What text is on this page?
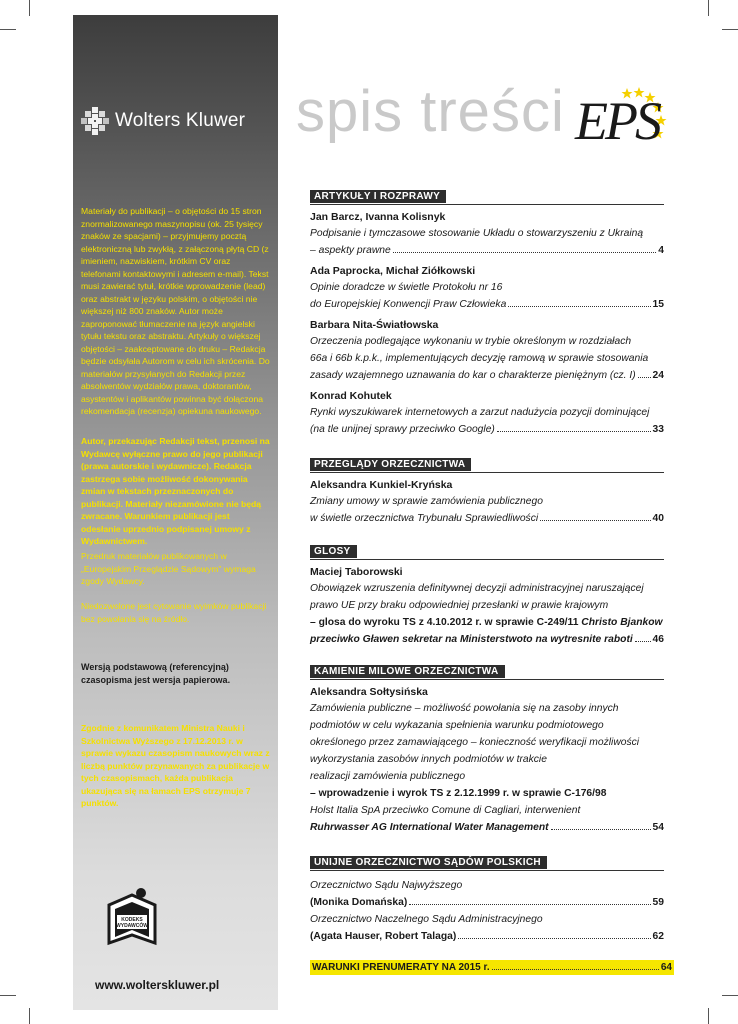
Wolters Kluwer
Materiały do publikacji – o objętości do 15 stron znormalizowanego maszynopisu (ok. 25 tysięcy znaków ze spacjami) – przyjmujemy pocztą elektroniczną lub zwykłą, z załączoną płytą CD (z imieniem, nazwiskiem, krótkim CV oraz telefonami kontaktowymi i adresem e-mail). Tekst musi zawierać tytuł, krótkie wprowadzenie (lead) oraz abstrakt w języku polskim, o objętości nie większej niż 800 znaków. Autor może zaproponować tłumaczenie na język angielski tytułu tekstu oraz abstraktu. Artykuły o większej objętości – zaakceptowane do druku – Redakcja będzie odsyłała Autorom w celu ich skrócenia. Do materiałów przysyłanych do Redakcji przez absolwentów wydziałów prawa, doktorantów, asystentów i aplikantów powinna być dołączona rekomendacja (recenzja) opiekuna naukowego.
Autor, przekazując Redakcji tekst, przenosi na Wydawcę wyłączne prawo do jego publikacji (prawa autorskie i wydawnicze). Redakcja zastrzega sobie możliwość dokonywania zmian w tekstach przeznaczonych do publikacji. Materiały niezamówione nie będą zwracane. Warunkiem publikacji jest odesłanie uprzednio podpisanej umowy z Wydawnictwem.
Przedruk materiałów publikowanych w „Europejskim Przeglądzie Sądowym” wymaga zgody Wydawcy.
Niedozwolone jest cytowanie wyimków publikacji bez powołania się na źródło.
Wersją podstawową (referencyjną) czasopisma jest wersja papierowa.
Zgodnie z komunikatem Ministra Nauki i Szkolnictwa Wyższego z 17.12.2013 r. w sprawie wykazu czasopism naukowych wraz z liczbą punktów przynawanych za publikacje w tych czasopismach, każda publikacja ukazująca się na łamach EPS otrzymuje 7 punktów.
KODEKS
WYDAWCÓW
www.wolterskluwer.pl
spis treści EPS
ARTYKUŁY I ROZPRAWY
Jan Barcz, Ivanna Kolisnyk
Podpisanie i tymczasowe stosowanie Układu o stowarzyszeniu z Ukrainą
– aspekty prawne	4
Ada Paprocka, Michał Ziółkowski
Opinie doradcze w świetle Protokołu nr 16
do Europejskiej Konwencji Praw Człowieka	15
Barbara Nita-Światłowska
Orzeczenia podlegające wykonaniu w trybie określonym w rozdziałach
66a i 66b k.p.k., implementujących decyzję ramową w sprawie stosowania
zasady wzajemnego uznawania do kar o charakterze pieniężnym (cz. I) 24
Konrad Kohutek
Rynki wyszukiwarek internetowych a zarzut nadużycia pozycji dominującej
(na tle unijnej sprawy przeciwko Google)	33
PRZEGLĄDY ORZECZNICTWA
Aleksandra Kunkiel-Kryńska
Zmiany umowy w sprawie zamówienia publicznego
w świetle orzecznictwa Trybunału Sprawiedliwości	40
GLOSY
Maciej Taborowski
Obowiązek wzruszenia definitywnej decyzji administracyjnej naruszającej
prawo UE przy braku odpowiedniej przesłanki w prawie krajowym
– glosa do wyroku TS z 4.10.2012 r. w sprawie C-249/11 Christo Bjankow
przeciwko Gławen sekretar na Ministerstwoto na wytresnite raboti 46
KAMIENIE MILOWE ORZECZNICTWA
Aleksandra Sołtysińska
Zamówienia publiczne – możliwość powołania się na zasoby innych
podmiotów w celu wykazania spełnienia warunku podmiotowego
określonego przez zamawiającego – konieczność weryfikacji możliwości
wykorzystania zasobów innych podmiotów w trakcie
realizacji zamówienia publicznego
– wprowadzenie i wyrok TS z 2.12.1999 r. w sprawie C-176/98
Holst Italia SpA przeciwko Comune di Cagliari, interwenient
Ruhrwasser AG International Water Management	54
UNIJNE ORZECZNICTWO SĄDÓW POLSKICH
Orzecznictwo Sądu Najwyższego
(Monika Domańska)	59
Orzecznictwo Naczelnego Sądu Administracyjnego
(Agata Hauser, Robert Talaga)	62
WARUNKI PRENUMERATY NA 2015 r.	64
